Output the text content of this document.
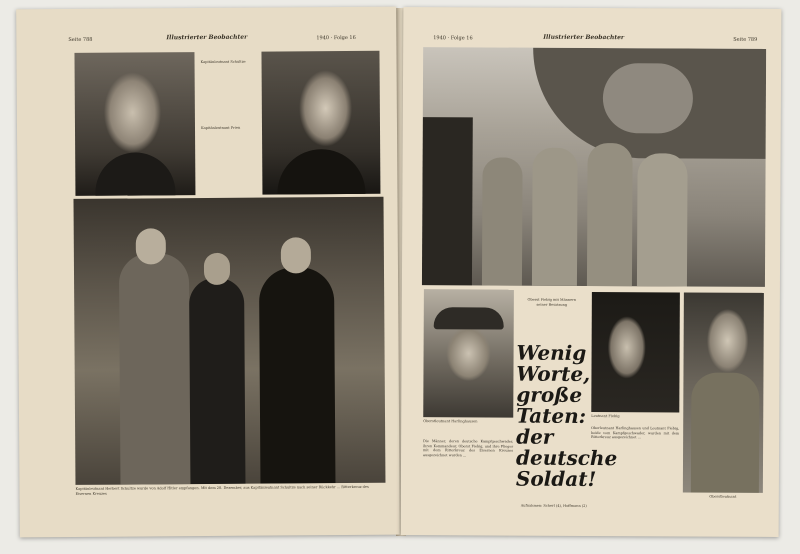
Seite 788	Illustrierter Beobachter	1940 · Folge 16
Kapitänleutnant Schultze
Kapitänleutnant Prien
Kapitänleutnant Herbert Schultze wurde von Adolf Hitler empfangen. Mit dem 28. Dezember, aus Kapitänleutnant Schultze nach seiner Rückkehr ... Ritterkreuz des Eisernen Kreuzes
1940 · Folge 16	Illustrierter Beobachter	Seite 789
Oberstleutnant Harlinghausen
Oberst Fiebig mit Männern seiner Besatzung
Wenig
Worte,
große
Taten:
der
deutsche
Soldat!
Leutnant Fiebig
Oberstleutnant
Die Männer, deren deutsche Kampfgeschwader, ihren Kommandeur, Oberst Fiebig, und ihre Flieger mit dem Ritterkreuz des Eisernen Kreuzes ausgezeichnet wurden ...
Oberleutnant Harlinghausen und Leutnant Fiebig, beide vom Kampfgeschwader, wurden mit dem Ritterkreuz ausgezeichnet ...
Aufnahmen: Scherl (4), Hoffmann (2)
